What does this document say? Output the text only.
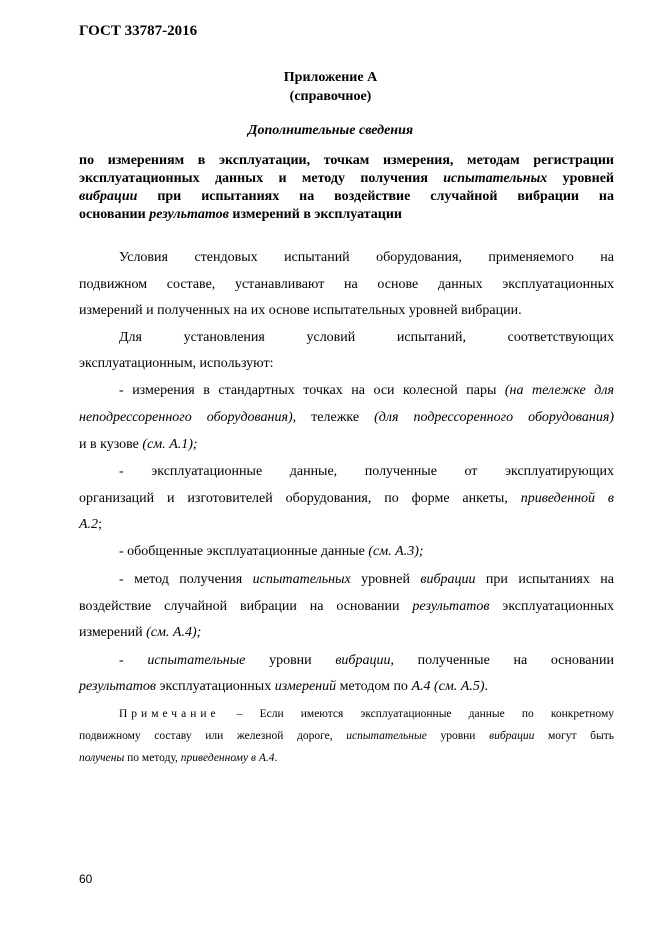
ГОСТ 33787-2016
Приложение А
(справочное)
Дополнительные сведения
по измерениям в эксплуатации, точкам измерения, методам регистрации
эксплуатационных данных и методу получения испытательных уровней
вибрации при испытаниях на воздействие случайной вибрации на
основании результатов измерений в эксплуатации
Условия стендовых испытаний оборудования, применяемого на
подвижном составе, устанавливают на основе данных эксплуатационных
измерений и полученных на их основе испытательных уровней вибрации.
Для установления условий испытаний, соответствующих
эксплуатационным, используют:
- измерения в стандартных точках на оси колесной пары (на тележке для
неподрессоренного оборудования), тележке (для подрессоренного оборудования)
и в кузове (см. А.1);
- эксплуатационные данные, полученные от эксплуатирующих
организаций и изготовителей оборудования, по форме анкеты, приведенной в
А.2;
- обобщенные эксплуатационные данные (см. А.3);
- метод получения испытательных уровней вибрации при испытаниях на
воздействие случайной вибрации на основании результатов эксплуатационных
измерений (см. А.4);
- испытательные уровни вибрации, полученные на основании
результатов эксплуатационных измерений методом по А.4 (см. А.5).
Примечание – Если имеются эксплуатационные данные по конкретному
подвижному составу или железной дороге, испытательные уровни вибрации могут быть
получены по методу, приведенному в А.4.
60
